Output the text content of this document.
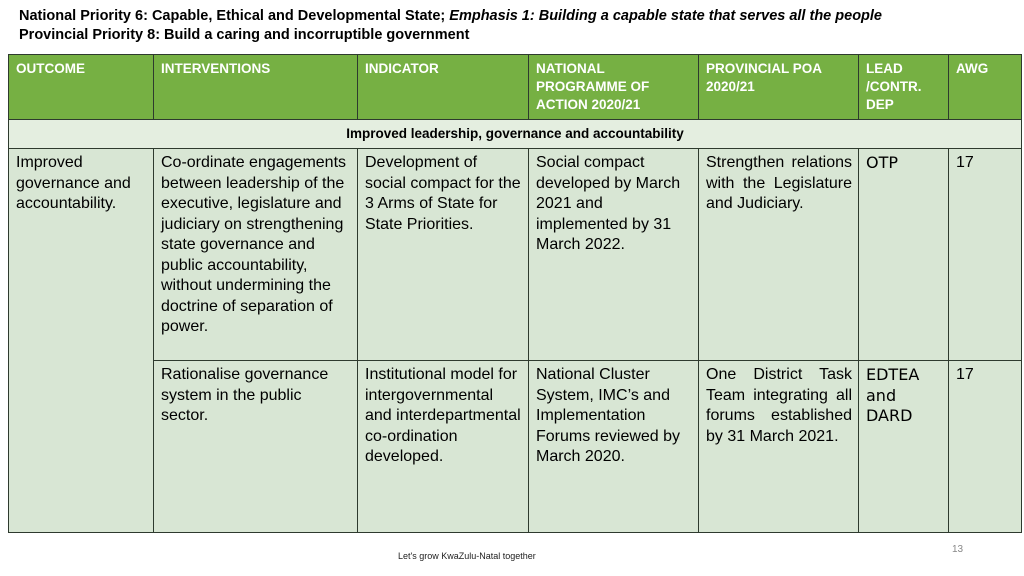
National Priority 6: Capable, Ethical and Developmental State; Emphasis 1: Building a capable state that serves all the people
Provincial Priority 8: Build a caring and incorruptible government
OUTCOME	INTERVENTIONS	INDICATOR	NATIONAL PROGRAMME OF ACTION 2020/21	PROVINCIAL POA 2020/21	LEAD /CONTR. DEP	AWG
Improved leadership, governance and accountability						
Improved governance and accountability.	Co-ordinate engagements between leadership of the executive, legislature and judiciary on strengthening state governance and public accountability, without undermining the doctrine of separation of power.	Development of social compact for the 3 Arms of State for State Priorities.	Social compact developed by March 2021 and implemented by 31 March 2022.	Strengthen relations with the Legislature and Judiciary.	OTP	17
	Rationalise governance system in the public sector.	Institutional model for intergovernmental and interdepartmental co-ordination developed.	National Cluster System, IMC’s and Implementation Forums reviewed by March 2020.	One District Task Team integrating all forums established by 31 March 2021.	EDTEA and DARD	17
Let's grow KwaZulu-Natal together
13
